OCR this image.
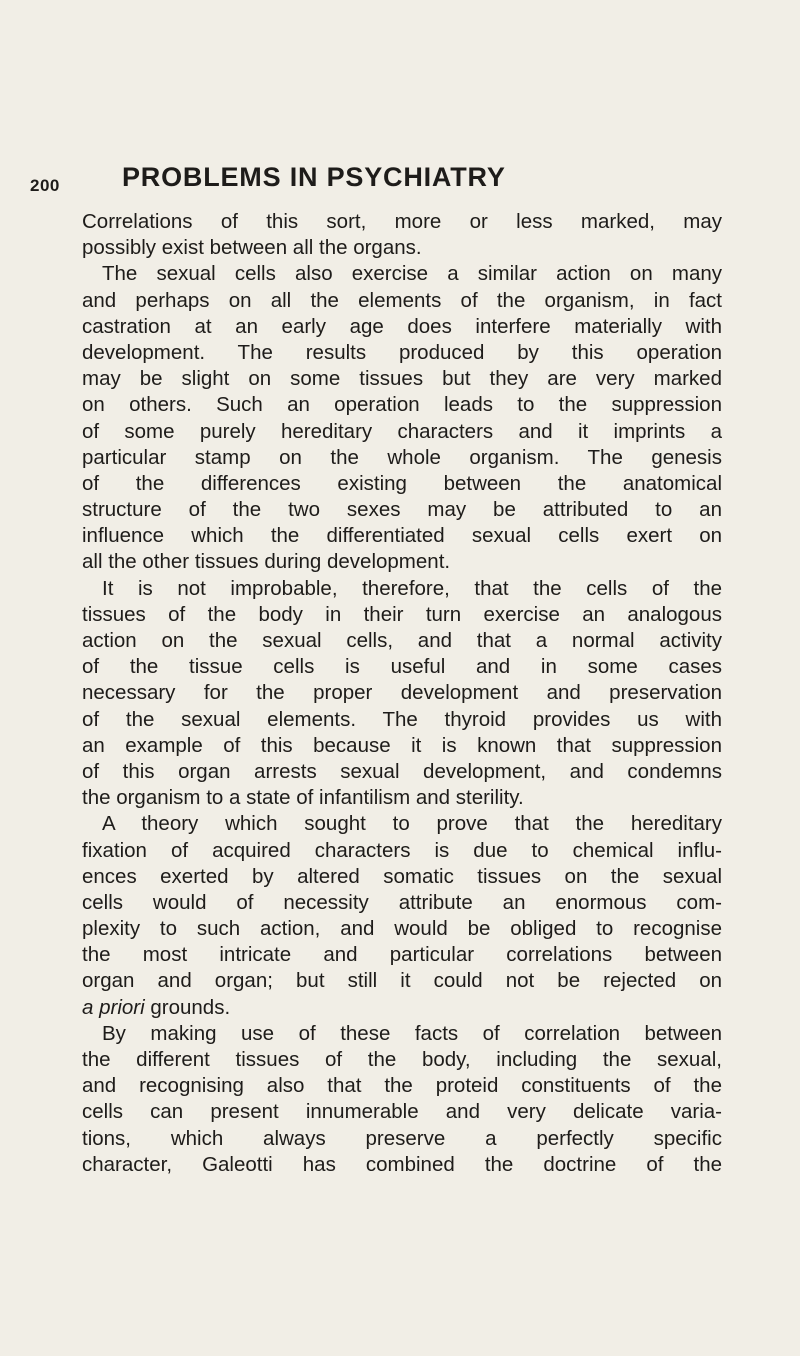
200 PROBLEMS IN PSYCHIATRY
Correlations of this sort, more or less marked, may
possibly exist between all the organs.
The sexual cells also exercise a similar action on many
and perhaps on all the elements of the organism, in fact
castration at an early age does interfere materially with
development. The results produced by this operation
may be slight on some tissues but they are very marked
on others. Such an operation leads to the suppression
of some purely hereditary characters and it imprints a
particular stamp on the whole organism. The genesis
of the differences existing between the anatomical
structure of the two sexes may be attributed to an
influence which the differentiated sexual cells exert on
all the other tissues during development.
It is not improbable, therefore, that the cells of the
tissues of the body in their turn exercise an analogous
action on the sexual cells, and that a normal activity
of the tissue cells is useful and in some cases
necessary for the proper development and preservation
of the sexual elements. The thyroid provides us with
an example of this because it is known that suppression
of this organ arrests sexual development, and condemns
the organism to a state of infantilism and sterility.
A theory which sought to prove that the hereditary
fixation of acquired characters is due to chemical influ-
ences exerted by altered somatic tissues on the sexual
cells would of necessity attribute an enormous com-
plexity to such action, and would be obliged to recognise
the most intricate and particular correlations between
organ and organ; but still it could not be rejected on
a priori grounds.
By making use of these facts of correlation between
the different tissues of the body, including the sexual,
and recognising also that the proteid constituents of the
cells can present innumerable and very delicate varia-
tions, which always preserve a perfectly specific
character, Galeotti has combined the doctrine of the
